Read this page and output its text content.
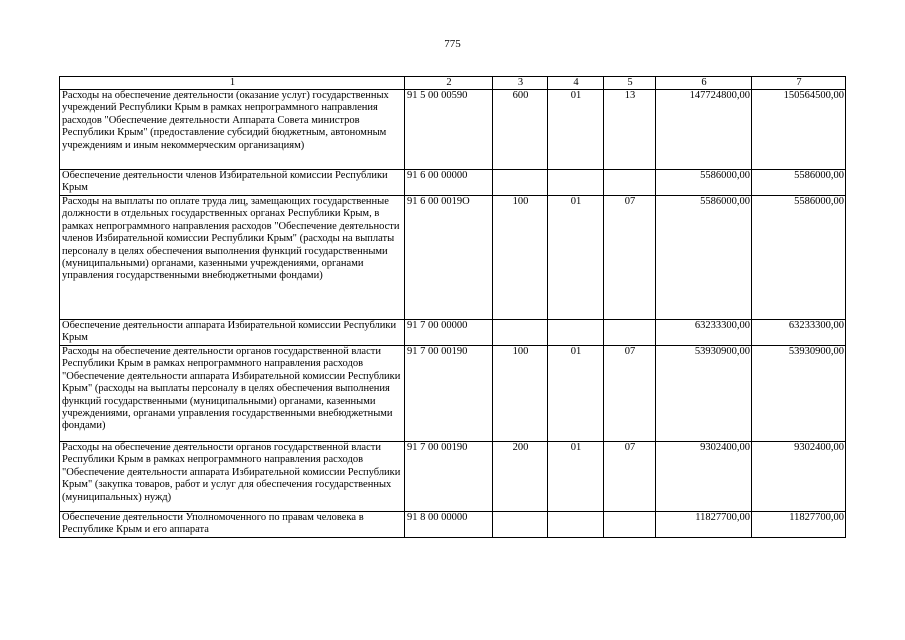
775
1	2	3	4	5	6	7
Расходы на обеспечение деятельности (оказание услуг) государственных учреждений Республики Крым в рамках непрограммного направления расходов "Обеспечение деятельности Аппарата Совета министров Республики Крым" (предоставление субсидий бюджетным, автономным учреждениям и иным некоммерческим организациям)	91 5 00 00590	600	01	13	147724800,00	150564500,00
Обеспечение деятельности членов Избирательной комиссии Республики Крым	91 6 00 00000				5586000,00	5586000,00
Расходы на выплаты по оплате труда лиц, замещающих государственные должности в отдельных государственных органах Республики Крым, в рамках непрограммного направления расходов "Обеспечение деятельности членов Избирательной комиссии Республики Крым" (расходы на выплаты персоналу в целях обеспечения выполнения функций государственными (муниципальными) органами, казенными учреждениями, органами управления государственными внебюджетными фондами)	91 6 00 0019О	100	01	07	5586000,00	5586000,00
Обеспечение деятельности аппарата Избирательной комиссии Республики Крым	91 7 00 00000				63233300,00	63233300,00
Расходы на обеспечение деятельности органов государственной власти Республики Крым в рамках непрограммного направления расходов "Обеспечение деятельности аппарата Избирательной комиссии Республики Крым" (расходы на выплаты персоналу в целях обеспечения выполнения функций государственными (муниципальными) органами, казенными учреждениями, органами управления государственными внебюджетными фондами)	91 7 00 00190	100	01	07	53930900,00	53930900,00
Расходы на обеспечение деятельности органов государственной власти Республики Крым в рамках непрограммного направления расходов "Обеспечение деятельности аппарата Избирательной комиссии Республики Крым" (закупка товаров, работ и услуг для обеспечения государственных (муниципальных) нужд)	91 7 00 00190	200	01	07	9302400,00	9302400,00
Обеспечение деятельности Уполномоченного по правам человека в Республике Крым и его аппарата	91 8 00 00000				11827700,00	11827700,00
